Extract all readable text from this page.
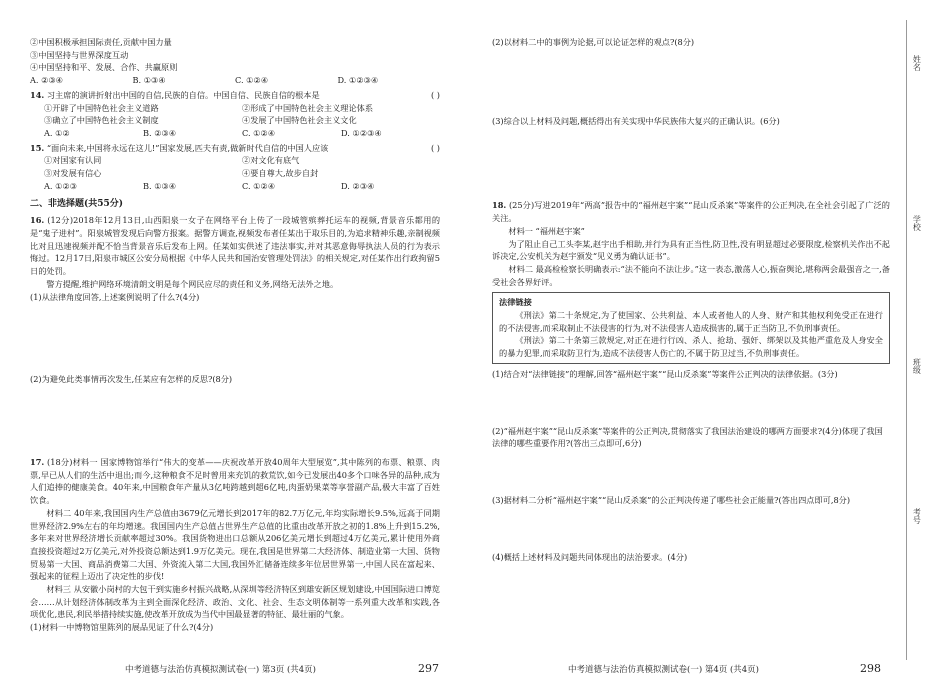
②中国积极承担国际责任,贡献中国力量

③中国坚持与世界深度互动

④中国坚持和平、发展、合作、共赢原则

A. ②③④	B. ①③④	C. ①②④	D. ①②③④

14. 习主席的演讲折射出中国的自信,民族的自信。中国自信、民族自信的根本是	( )

①开辟了中国特色社会主义道路	②形成了中国特色社会主义理论体系
③确立了中国特色社会主义制度	④发展了中国特色社会主义文化
A. ①②	B. ②③④	C. ①②④	D. ①②③④

15. “面向未来,中国将永远在这儿!”国家发展,匹夫有责,做新时代自信的中国人应该	( )

①对国家有认同	②对文化有底气
③对发展有信心	④要自尊大,故步自封
A. ①②③	B. ①③④	C. ①②④	D. ②③④

二、非选择题(共55分)

16. (12分)2018年12月13日,山西阳泉一女子在网络平台上传了一段城管殡葬托运车的视频,背景音乐都用的是“鬼子进村”。阳泉城管发现后向警方报案。据警方调查,视频发布者任某出于取乐目的,为追求精神乐趣,亲制视频比对且迅速视频并配不恰当背景音乐后发布上网。任某如实供述了违法事实,并对其恶意侮辱执法人员的行为表示悔过。12月17日,阳泉市城区公安分局根据《中华人民共和国治安管理处罚法》的相关规定,对任某作出行政拘留5日的处罚。

警方提醒,维护网络环境清朗文明是每个网民应尽的责任和义务,网络无法外之地。

(1)从法律角度回答,上述案例说明了什么?(4分)

(2)为避免此类事情再次发生,任某应有怎样的反思?(8分)

17. (18分)材料一 国家博物馆举行“伟大的变革——庆祝改革开放40周年大型展览”,其中陈列的布票、粮票、肉票,早已从人们的生活中退出;而今,这种粮食不足时曾用来充饥的救荒饮,如今已发展出40多个口味各异的品种,成为人们追捧的健康美食。40年来,中国粮食年产量从3亿吨跨越到超6亿吨,肉蛋奶果菜等享誉副产品,极大丰富了百姓饮食。

材料二 40年来,我国国内生产总值由3679亿元增长到2017年的82.7万亿元,年均实际增长9.5%,远高于同期世界经济2.9%左右的年均增速。我国国内生产总值占世界生产总值的比重由改革开放之初的1.8%上升到15.2%,多年来对世界经济增长贡献率超过30%。我国货物进出口总额从206亿美元增长到超过4万亿美元,累计使用外商直接投资超过2万亿美元,对外投资总额达到1.9万亿美元。现在,我国是世界第二大经济体、制造业第一大国、货物贸易第一大国、商品消费第二大国、外资流入第二大国,我国外汇储备连续多年位居世界第一,中国人民在富起来、强起来的征程上迈出了决定性的步伐!

材料三 从安徽小岗村的大包干到实施乡村振兴战略,从深圳等经济特区到雄安新区规划建设,中国国际进口博览会……从计划经济体制改革为主到全面深化经济、政治、文化、社会、生态文明体制等一系列重大改革和实践,各项优化,患民,利民举措持续实施,使改革开放成为当代中国最显著的特征、最壮丽的气象。

(1)材料一中博物馆里陈列的展品见证了什么?(4分)

中考道德与法治仿真模拟测试卷(一) 第3页 (共4页)	297

(2)以材料二中的事例为论据,可以论证怎样的观点?(8分)

(3)综合以上材料及问题,概括得出有关实现中华民族伟大复兴的正确认识。(6分)

18. (25分)写进2019年“两高”报告中的“福州赵宇案”“昆山反杀案”等案件的公正判决,在全社会引起了广泛的关注。

材料一 “福州赵宇案”

为了阻止自己工头李某,赵宇出手相助,并行为具有正当性,防卫性,没有明显超过必要限度,检察机关作出不起诉决定,公安机关为赵宇颁发“见义勇为确认证书”。

材料二 最高检检察长明确表示:“法不能向不法让步。”这一表态,激荡人心,振奋舆论,堪称两会最强音之一,备受社会各界好评。

法律链接

《刑法》第二十条规定,为了使国家、公共利益、本人或者他人的人身、财产和其他权利免受正在进行的不法侵害,而采取制止不法侵害的行为,对不法侵害人造成损害的,属于正当防卫,不负刑事责任。

《刑法》第二十条第三款规定,对正在进行行凶、杀人、抢劫、强奸、绑架以及其他严重危及人身安全的暴力犯罪,而采取防卫行为,造成不法侵害人伤亡的,不属于防卫过当,不负刑事责任。

(1)结合对“法律链接”的理解,回答“福州赵宇案”“昆山反杀案”等案件公正判决的法律依据。(3分)

(2)“福州赵宇案”“昆山反杀案”等案件的公正判决,贯彻落实了我国法治建设的哪两方面要求?(4分)体现了我国法律的哪些重要作用?(答出三点即可,6分)

(3)据材料二分析“福州赵宇案”“昆山反杀案”的公正判决传递了哪些社会正能量?(答出四点即可,8分)

(4)概括上述材料及问题共同体现出的法治要求。(4分)

中考道德与法治仿真模拟测试卷(一) 第4页 (共4页)	298
姓名
学校
班级
考号
